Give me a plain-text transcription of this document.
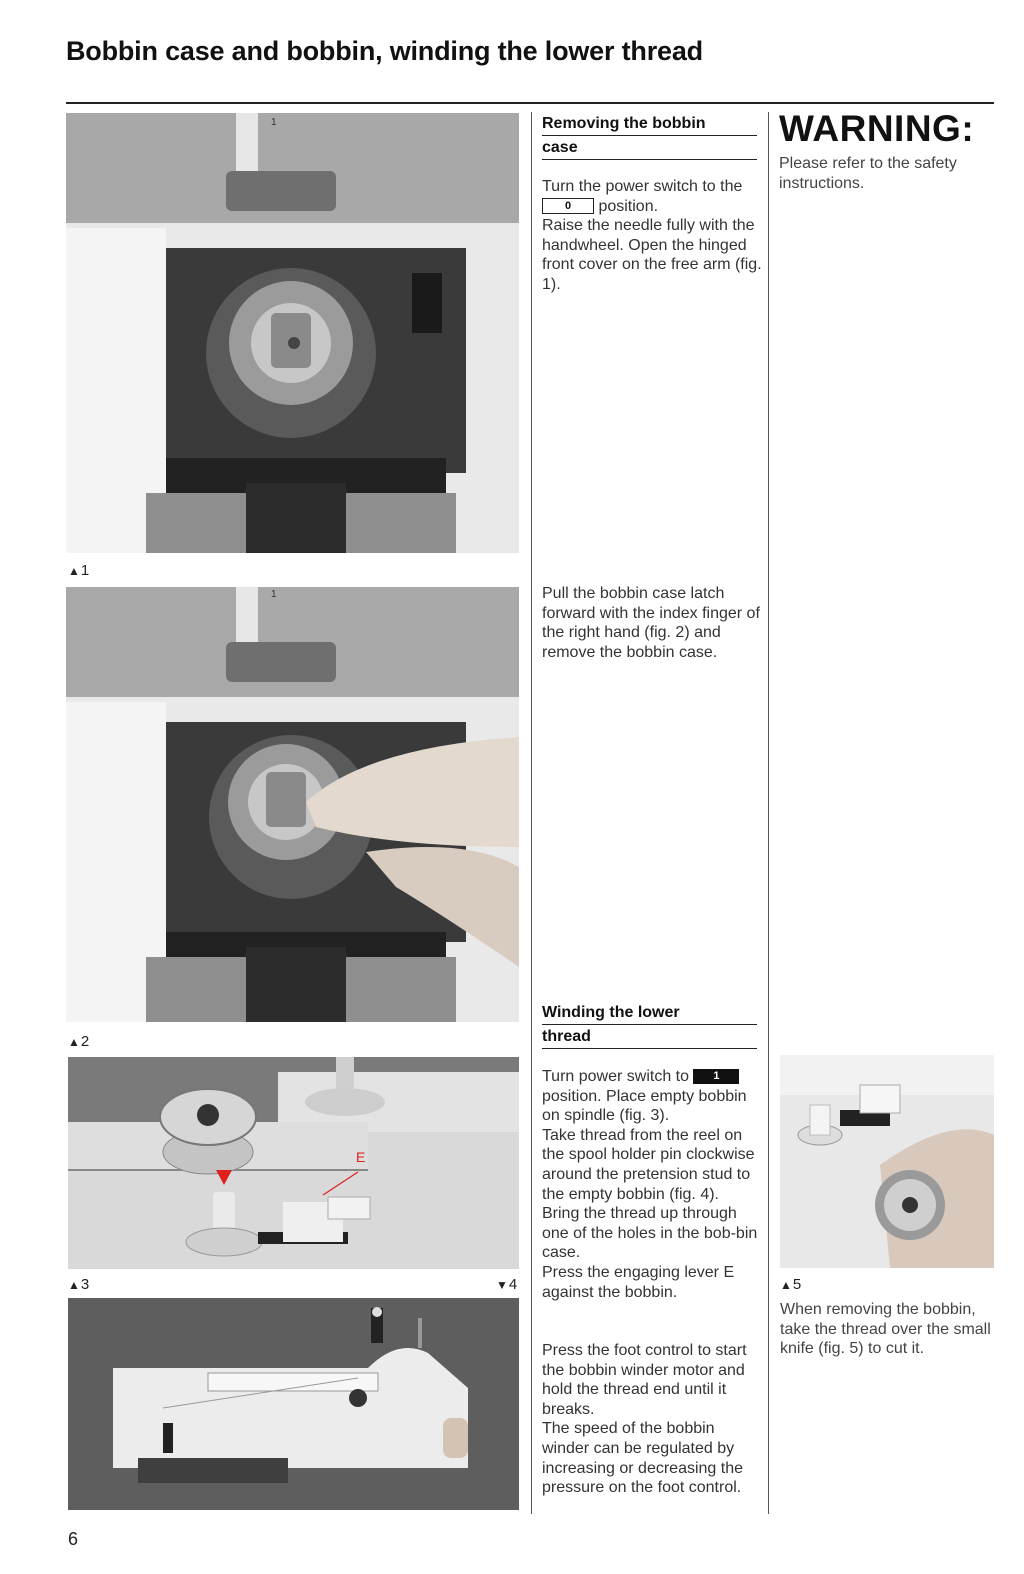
Bobbin case and bobbin, winding the lower thread
1
▲1
1
▲2
E
▲3	▼4
Removing the bobbin
case
Turn the power switch to the 0 position.
Raise the needle fully with the handwheel. Open the hinged front cover on the free arm (fig. 1).
Pull the bobbin case latch forward with the index finger of the right hand (fig. 2) and remove the bobbin case.
Winding the lower
thread
Turn power switch to 1 position. Place empty bobbin on spindle (fig. 3).
Take thread from the reel on the spool holder pin clockwise around the pretension stud to the empty bobbin (fig. 4).
Bring the thread up through one of the holes in the bob-bin case.
Press the engaging lever E against the bobbin.
Press the foot control to start the bobbin winder motor and hold the thread end until it breaks.
The speed of the bobbin winder can be regulated by increasing or decreasing the pressure on the foot control.
WARNING:
Please refer to the safety instructions.
▲5
When removing the bobbin, take the thread over the small knife (fig. 5) to cut it.
6
